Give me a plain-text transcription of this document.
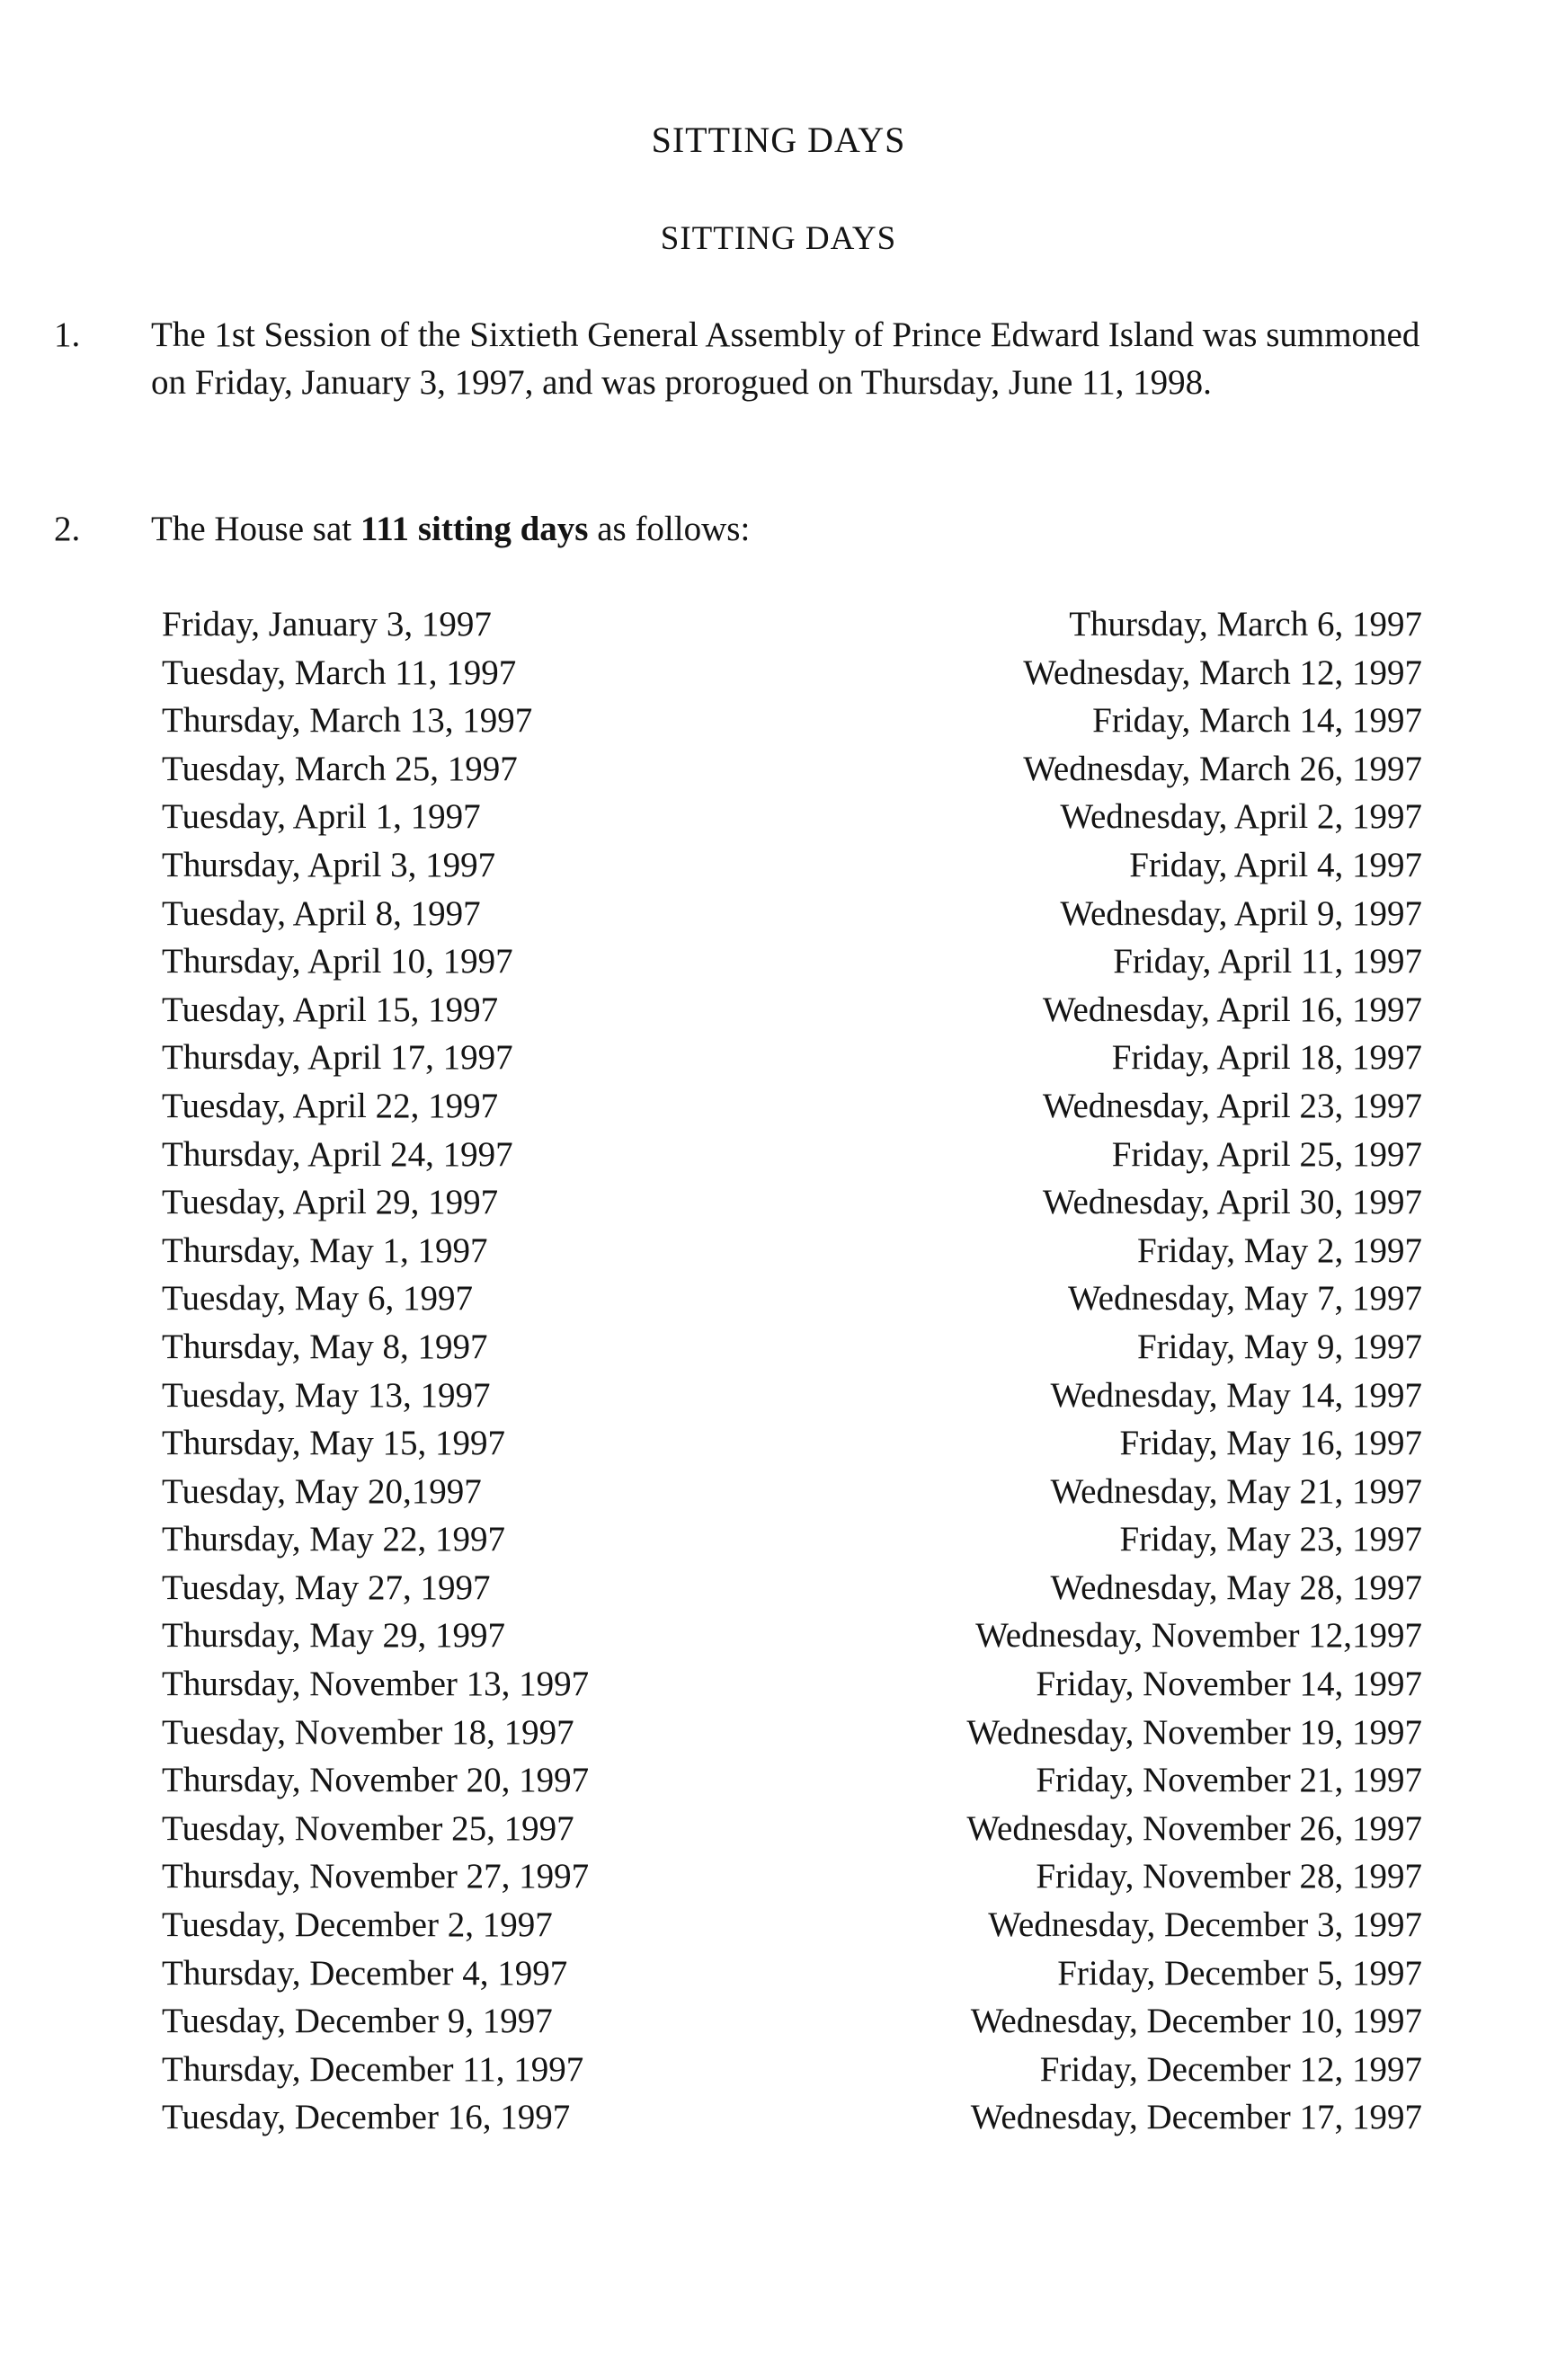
SITTING DAYS
SITTING DAYS
1. The 1st Session of the Sixtieth General Assembly of Prince Edward Island was summoned on Friday, January 3, 1997, and was prorogued on Thursday, June 11, 1998.
2. The House sat 111 sitting days as follows:
Friday, January 3, 1997	Thursday, March 6, 1997
Tuesday, March 11, 1997	Wednesday, March 12, 1997
Thursday, March 13, 1997	Friday, March 14, 1997
Tuesday, March 25, 1997	Wednesday, March 26, 1997
Tuesday, April 1, 1997	Wednesday, April 2, 1997
Thursday, April 3, 1997	Friday, April 4, 1997
Tuesday, April 8, 1997	Wednesday, April 9, 1997
Thursday, April 10, 1997	Friday, April 11, 1997
Tuesday, April 15, 1997	Wednesday, April 16, 1997
Thursday, April 17, 1997	Friday, April 18, 1997
Tuesday, April 22, 1997	Wednesday, April 23, 1997
Thursday, April 24, 1997	Friday, April 25, 1997
Tuesday, April 29, 1997	Wednesday, April 30, 1997
Thursday, May 1, 1997	Friday, May 2, 1997
Tuesday, May 6, 1997	Wednesday, May 7, 1997
Thursday, May 8, 1997	Friday, May 9, 1997
Tuesday, May 13, 1997	Wednesday, May 14, 1997
Thursday, May 15, 1997	Friday, May 16, 1997
Tuesday, May 20,1997	Wednesday, May 21, 1997
Thursday, May 22, 1997	Friday, May 23, 1997
Tuesday, May 27, 1997	Wednesday, May 28, 1997
Thursday, May 29, 1997	Wednesday, November 12,1997
Thursday, November 13, 1997	Friday, November 14, 1997
Tuesday, November 18, 1997	Wednesday, November 19, 1997
Thursday, November 20, 1997	Friday, November 21, 1997
Tuesday, November 25, 1997	Wednesday, November 26, 1997
Thursday, November 27, 1997	Friday, November 28, 1997
Tuesday, December 2, 1997	Wednesday, December 3, 1997
Thursday, December 4, 1997	Friday, December 5, 1997
Tuesday, December 9, 1997	Wednesday, December 10, 1997
Thursday, December 11, 1997	Friday, December 12, 1997
Tuesday, December 16, 1997	Wednesday, December 17, 1997
